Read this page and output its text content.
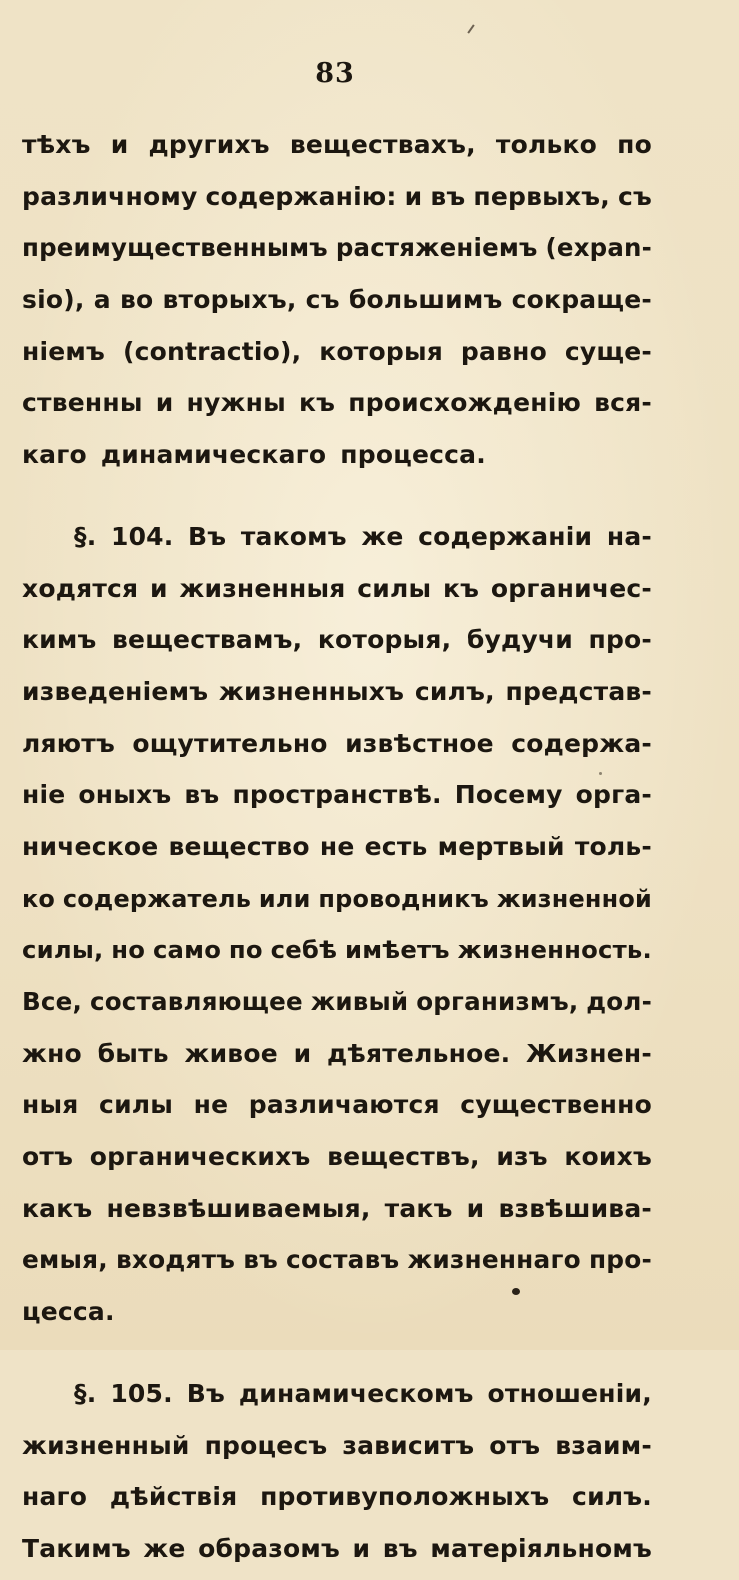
83
тѣхъ и другихъ веществахъ, только по
различному содержанію: и въ первыхъ, съ
преимущественнымъ растяженіемъ (expan-
sio), а во вторыхъ, съ большимъ сокраще-
ніемъ (contractio), которыя равно суще-
ственны и нужны къ происхожденію вся-
каго динамическаго процесса.
§. 104. Въ такомъ же содержаніи на-
ходятся и жизненныя силы къ органичес-
кимъ веществамъ, которыя, будучи про-
изведеніемъ жизненныхъ силъ, представ-
ляютъ ощутительно извѣстное содержа-
ніе оныхъ въ пространствѣ. Посему орга-
ническое вещество не есть мертвый толь-
ко содержатель или проводникъ жизненной
силы, но само по себѣ имѣетъ жизненность.
Все, составляющее живый организмъ, дол-
жно быть живое и дѣятельное. Жизнен-
ныя силы не различаются существенно
отъ органическихъ веществъ, изъ коихъ
какъ невзвѣшиваемыя, такъ и взвѣшива-
емыя, входятъ въ составъ жизненнаго про-
цесса.
§. 105. Въ динамическомъ отношеніи,
жизненный процесъ зависитъ отъ взаим-
наго дѣйствія противуположныхъ силъ.
Такимъ же образомъ и въ матеріяльномъ
